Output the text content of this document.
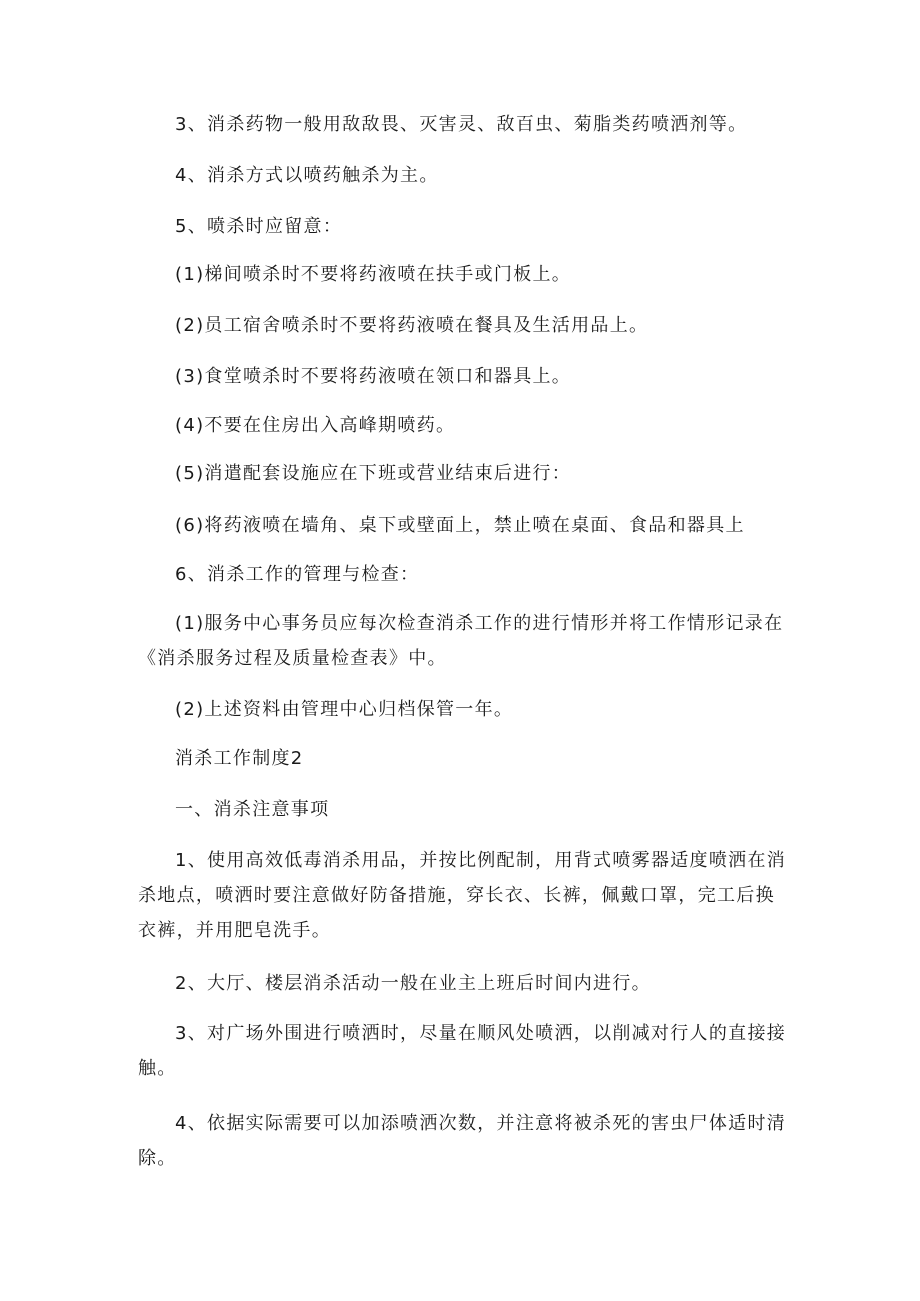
3、消杀药物一般用敌敌畏、灭害灵、敌百虫、菊脂类药喷洒剂等。

4、消杀方式以喷药触杀为主。

5、喷杀时应留意：

(1)梯间喷杀时不要将药液喷在扶手或门板上。

(2)员工宿舍喷杀时不要将药液喷在餐具及生活用品上。

(3)食堂喷杀时不要将药液喷在领口和器具上。

(4)不要在住房出入高峰期喷药。

(5)消遣配套设施应在下班或营业结束后进行：

(6)将药液喷在墙角、桌下或壁面上，禁止喷在桌面、食品和器具上

6、消杀工作的管理与检查：

(1)服务中心事务员应每次检查消杀工作的进行情形并将工作情形记录在《消杀服务过程及质量检查表》中。

(2)上述资料由管理中心归档保管一年。

消杀工作制度2

一、消杀注意事项

1、使用高效低毒消杀用品，并按比例配制，用背式喷雾器适度喷洒在消杀地点，喷洒时要注意做好防备措施，穿长衣、长裤，佩戴口罩，完工后换衣裤，并用肥皂洗手。

2、大厅、楼层消杀活动一般在业主上班后时间内进行。

3、对广场外围进行喷洒时，尽量在顺风处喷洒，以削减对行人的直接接触。

4、依据实际需要可以加添喷洒次数，并注意将被杀死的害虫尸体适时清除。
